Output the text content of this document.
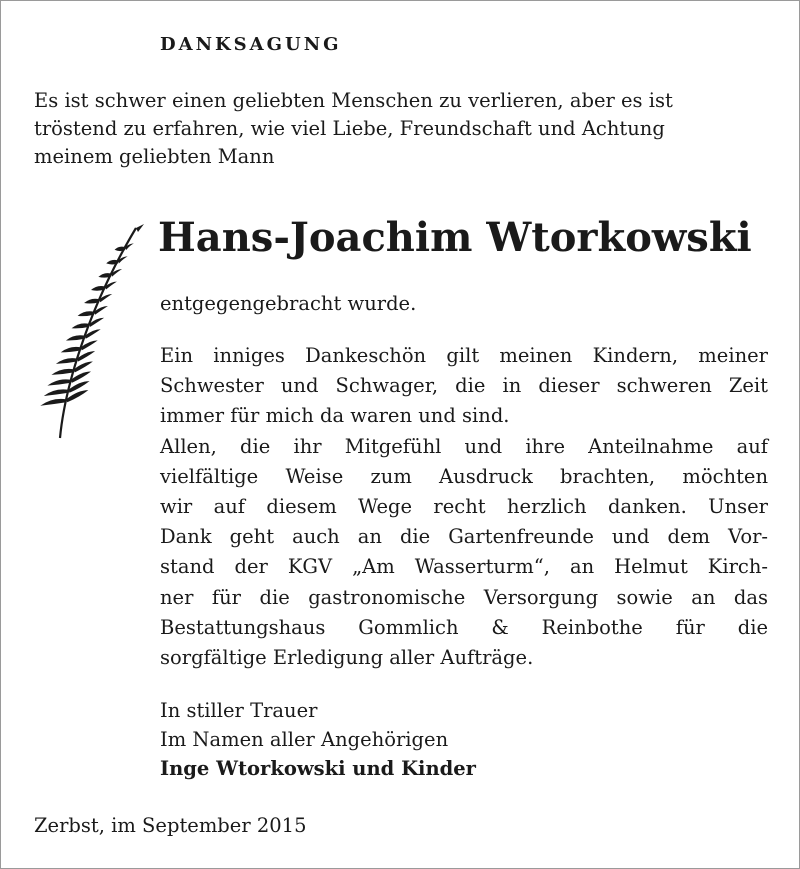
DANKSAGUNG
Es ist schwer einen geliebten Menschen zu verlieren, aber es ist
tröstend zu erfahren, wie viel Liebe, Freundschaft und Achtung
meinem geliebten Mann
Hans-Joachim Wtorkowski
entgegengebracht wurde.
Ein inniges Dankeschön gilt meinen Kindern, meiner
Schwester und Schwager, die in dieser schweren Zeit
immer für mich da waren und sind.
Allen, die ihr Mitgefühl und ihre Anteilnahme auf
vielfältige Weise zum Ausdruck brachten, möchten
wir auf diesem Wege recht herzlich danken. Unser
Dank geht auch an die Gartenfreunde und dem Vor-
stand der KGV „Am Wasserturm“, an Helmut Kirch-
ner für die gastronomische Versorgung sowie an das
Bestattungshaus Gommlich & Reinbothe für die
sorgfältige Erledigung aller Aufträge.
In stiller Trauer
Im Namen aller Angehörigen
Inge Wtorkowski und Kinder
Zerbst, im September 2015
